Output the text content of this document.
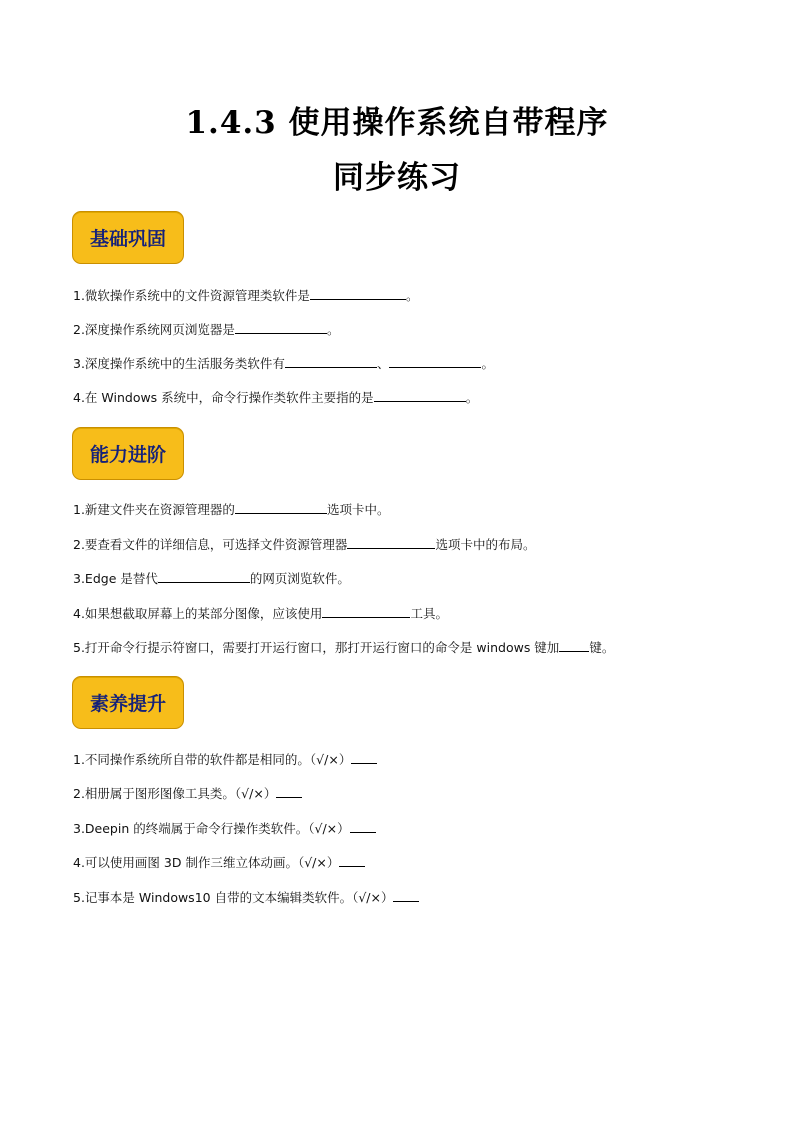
1.4.3 使用操作系统自带程序
同步练习
基础巩固
1.微软操作系统中的文件资源管理类软件是	。
2.深度操作系统网页浏览器是	。
3.深度操作系统中的生活服务类软件有	、	。
4.在 Windows 系统中，命令行操作类软件主要指的是	。
能力进阶
1.新建文件夹在资源管理器的	选项卡中。
2.要查看文件的详细信息，可选择文件资源管理器	选项卡中的布局。
3.Edge 是替代	的网页浏览软件。
4.如果想截取屏幕上的某部分图像，应该使用	工具。
5.打开命令行提示符窗口，需要打开运行窗口，那打开运行窗口的命令是 windows 键加 键。
素养提升
1.不同操作系统所自带的软件都是相同的。（√/×）
2.相册属于图形图像工具类。（√/×）
3.Deepin 的终端属于命令行操作类软件。（√/×）
4.可以使用画图 3D 制作三维立体动画。（√/×）
5.记事本是 Windows10 自带的文本编辑类软件。（√/×）
